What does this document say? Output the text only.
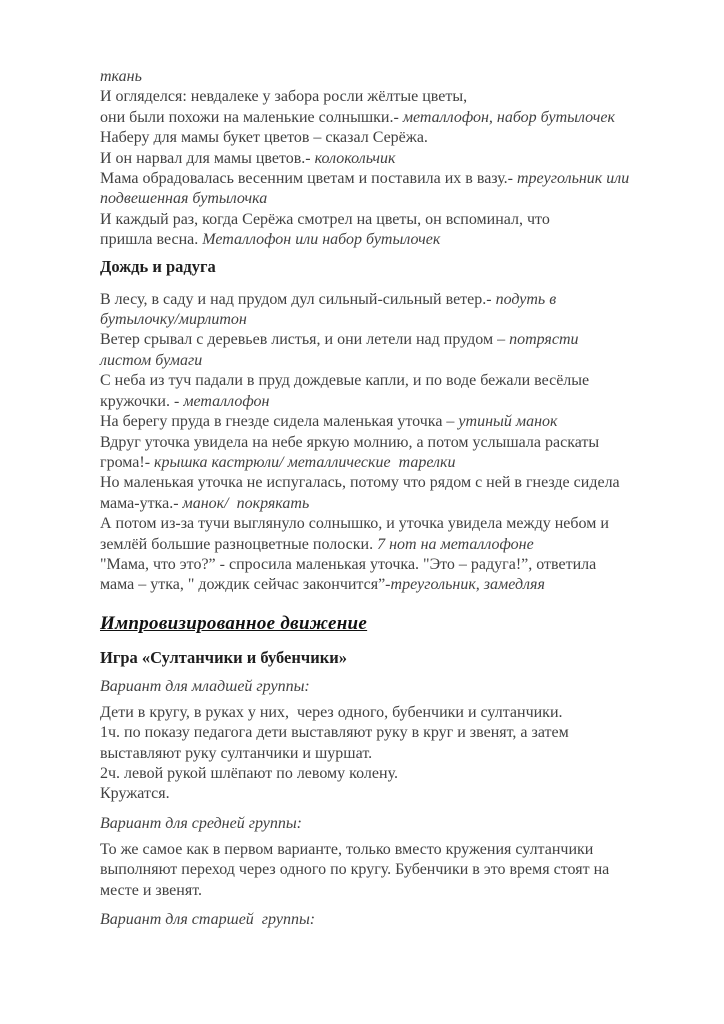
ткань
И огляделся: невдалеке у забора росли жёлтые цветы,
они были похожи на маленькие солнышки.- металлофон, набор бутылочек
Наберу для мамы букет цветов – сказал Серёжа.
И он нарвал для мамы цветов.- колокольчик
Мама обрадовалась весенним цветам и поставила их в вазу.- треугольник или
подвешенная бутылочка
И каждый раз, когда Серёжа смотрел на цветы, он вспоминал, что
пришла весна. Металлофон или набор бутылочек
Дождь и радуга
В лесу, в саду и над прудом дул сильный-сильный ветер.- подуть в
бутылочку/мирлитон
Ветер срывал с деревьев листья, и они летели над прудом – потрясти
листом бумаги
С неба из туч падали в пруд дождевые капли, и по воде бежали весёлые
кружочки. - металлофон
На берегу пруда в гнезде сидела маленькая уточка – утиный манок
Вдруг уточка увидела на небе яркую молнию, а потом услышала раскаты
грома!- крышка кастрюли/ металлические  тарелки
Но маленькая уточка не испугалась, потому что рядом с ней в гнезде сидела
мама-утка.- манок/  покрякать
А потом из-за тучи выглянуло солнышко, и уточка увидела между небом и
землёй большие разноцветные полоски. 7 нот на металлофоне
"Мама, что это?” - спросила маленькая уточка. "Это – радуга!”, ответила
мама – утка, " дождик сейчас закончится”-треугольник, замедляя
Импровизированное движение
Игра «Султанчики и бубенчики»
Вариант для младшей группы:
Дети в кругу, в руках у них,  через одного, бубенчики и султанчики.
1ч. по показу педагога дети выставляют руку в круг и звенят, а затем
выставляют руку султанчики и шуршат.
2ч. левой рукой шлёпают по левому колену.
Кружатся.
Вариант для средней группы:
То же самое как в первом варианте, только вместо кружения султанчики
выполняют переход через одного по кругу. Бубенчики в это время стоят на
месте и звенят.
Вариант для старшей  группы:
